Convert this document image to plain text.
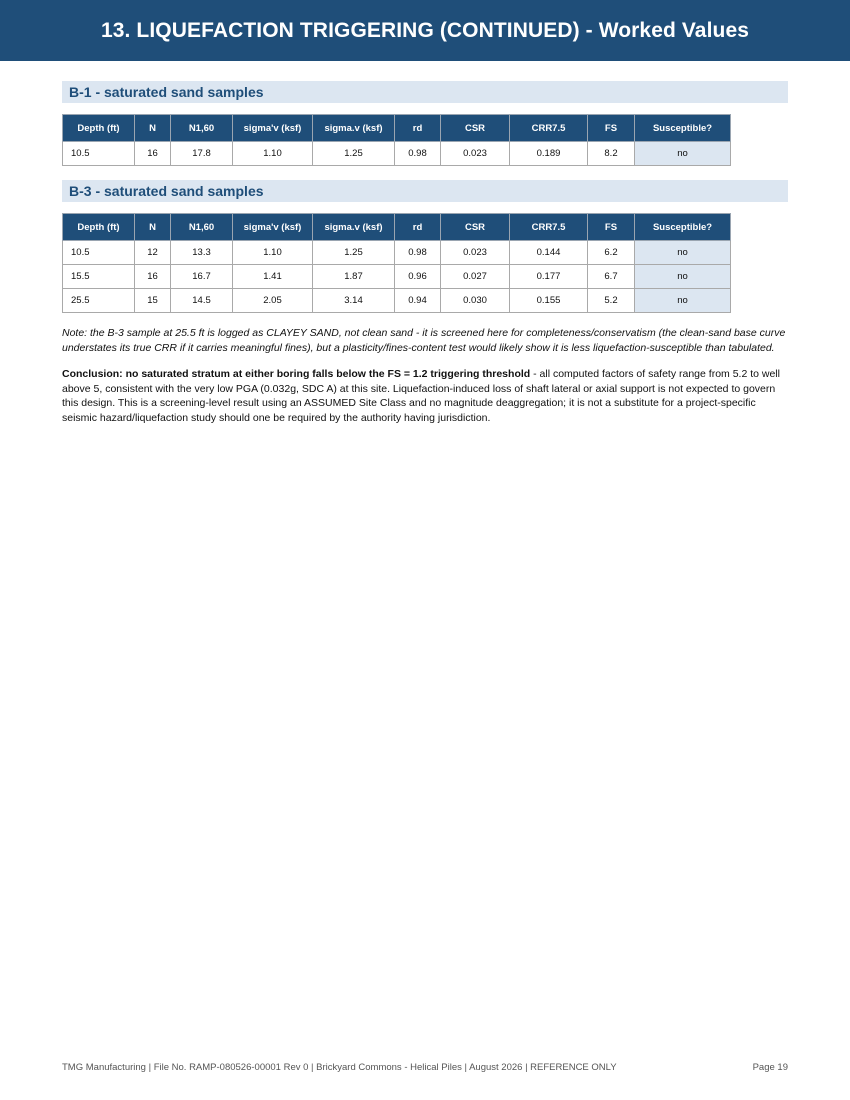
13. LIQUEFACTION TRIGGERING (CONTINUED) - Worked Values
B-1 - saturated sand samples
Depth (ft)	N	N1,60	sigma'v (ksf)	sigma.v (ksf)	rd	CSR	CRR7.5	FS	Susceptible?
10.5	16	17.8	1.10	1.25	0.98	0.023	0.189	8.2	no
B-3 - saturated sand samples
Depth (ft)	N	N1,60	sigma'v (ksf)	sigma.v (ksf)	rd	CSR	CRR7.5	FS	Susceptible?
10.5	12	13.3	1.10	1.25	0.98	0.023	0.144	6.2	no
15.5	16	16.7	1.41	1.87	0.96	0.027	0.177	6.7	no
25.5	15	14.5	2.05	3.14	0.94	0.030	0.155	5.2	no
Note: the B-3 sample at 25.5 ft is logged as CLAYEY SAND, not clean sand - it is screened here for completeness/conservatism (the clean-sand base curve understates its true CRR if it carries meaningful fines), but a plasticity/fines-content test would likely show it is less liquefaction-susceptible than tabulated.
Conclusion: no saturated stratum at either boring falls below the FS = 1.2 triggering threshold - all computed factors of safety range from 5.2 to well above 5, consistent with the very low PGA (0.032g, SDC A) at this site. Liquefaction-induced loss of shaft lateral or axial support is not expected to govern this design. This is a screening-level result using an ASSUMED Site Class and no magnitude deaggregation; it is not a substitute for a project-specific seismic hazard/liquefaction study should one be required by the authority having jurisdiction.
TMG Manufacturing | File No. RAMP-080526-00001 Rev 0 | Brickyard Commons - Helical Piles | August 2026 | REFERENCE ONLY	Page 19
